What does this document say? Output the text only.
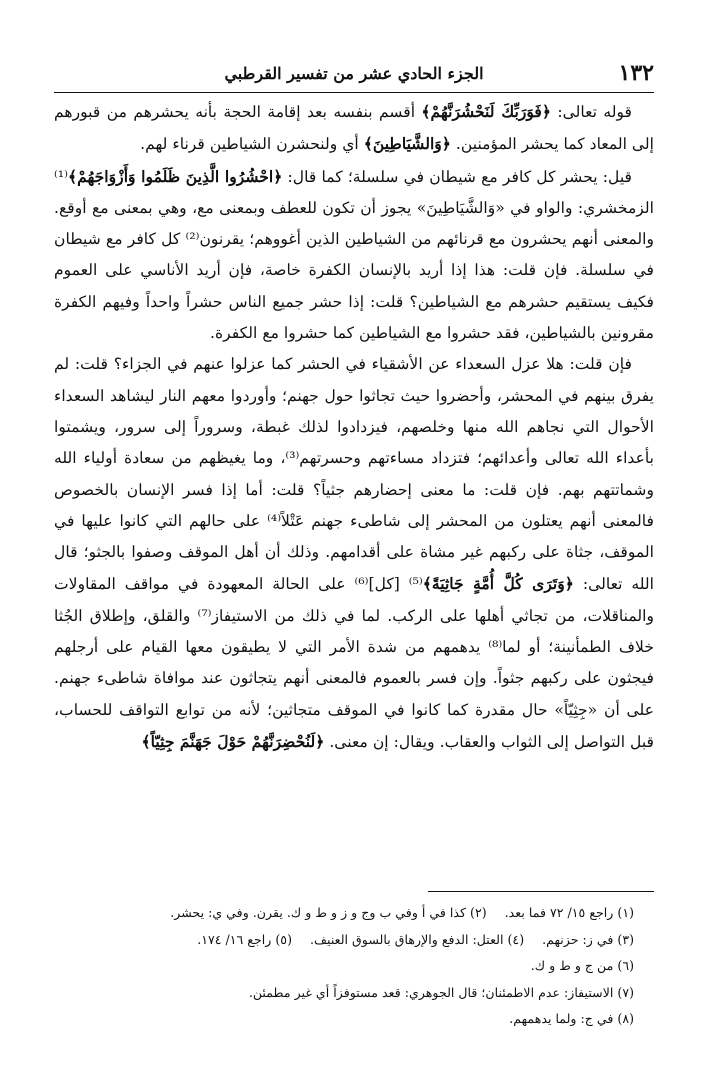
١٣٢
الجزء الحادي عشر من تفسير القرطبي

قوله تعالى: ﴿فَوَرَبِّكَ لَنَحْشُرَنَّهُمْ﴾ أقسم بنفسه بعد إقامة الحجة بأنه يحشرهم من قبورهم إلى المعاد كما يحشر المؤمنين. ﴿وَالشَّيَاطِينَ﴾ أي ولنحشرن الشياطين قرناء لهم.

قيل: يحشر كل كافر مع شيطان في سلسلة؛ كما قال: ﴿احْشُرُوا الَّذِينَ ظَلَمُوا وَأَزْوَاجَهُمْ﴾⁽¹⁾ الزمخشري: والواو في «وَالشَّيَاطِينَ» يجوز أن تكون للعطف وبمعنى مع، وهي بمعنى مع أوقع. والمعنى أنهم يحشرون مع قرنائهم من الشياطين الذين أغووهم؛ يقرنون⁽²⁾ كل كافر مع شيطان في سلسلة. فإن قلت: هذا إذا أريد بالإنسان الكفرة خاصة، فإن أريد الأناسي على العموم فكيف يستقيم حشرهم مع الشياطين؟ قلت: إذا حشر جميع الناس حشراً واحداً وفيهم الكفرة مقرونين بالشياطين، فقد حشروا مع الشياطين كما حشروا مع الكفرة.

فإن قلت: هلا عزل السعداء عن الأشقياء في الحشر كما عزلوا عنهم في الجزاء؟ قلت: لم يفرق بينهم في المحشر، وأحضروا حيث تجاثوا حول جهنم؛ وأوردوا معهم النار ليشاهد السعداء الأحوال التي نجاهم الله منها وخلصهم، فيزدادوا لذلك غبطة، وسروراً إلى سرور، ويشمتوا بأعداء الله تعالى وأعدائهم؛ فتزداد مساءتهم وحسرتهم⁽³⁾، وما يغيظهم من سعادة أولياء الله وشماتتهم بهم. فإن قلت: ما معنى إحضارهم جثياً؟ قلت: أما إذا فسر الإنسان بالخصوص فالمعنى أنهم يعتلون من المحشر إلى شاطىء جهنم عَتْلاً⁽⁴⁾ على حالهم التي كانوا عليها في الموقف، جثاة على ركبهم غير مشاة على أقدامهم. وذلك أن أهل الموقف وصفوا بالجثو؛ قال الله تعالى: ﴿وَتَرَى كُلَّ أُمَّةٍ جَاثِيَةً﴾⁽⁵⁾ [كل]⁽⁶⁾ على الحالة المعهودة في مواقف المقاولات والمناقلات، من تجاثي أهلها على الركب. لما في ذلك من الاستيفاز⁽⁷⁾ والقلق، وإطلاق الجُثا خلاف الطمأنينة؛ أو لما⁽⁸⁾ يدهمهم من شدة الأمر التي لا يطيقون معها القيام على أرجلهم فيجثون على ركبهم جثواً. وإن فسر بالعموم فالمعنى أنهم يتجاثون عند موافاة شاطىء جهنم. على أن «جِثِيّاً» حال مقدرة كما كانوا في الموقف متجاثين؛ لأنه من توابع التواقف للحساب، قبل التواصل إلى الثواب والعقاب. ويقال: إن معنى. ﴿لَنُحْضِرَنَّهُمْ حَوْلَ جَهَنَّمَ جِثِيّاً﴾

(١) راجع ١٥/ ٧٢ فما بعد.(٢) كذا في أ وفي ب وج و ز و ط و ك. يقرن. وفي ي: يحشر.
(٣) في ز: حزنهم.(٤) العتل: الدفع والإرهاق بالسوق العنيف.(٥) راجع ١٦/ ١٧٤.
(٦) من ج و ط و ك.
(٧) الاستيفاز: عدم الاطمئنان؛ قال الجوهري: قعد مستوفزاً أي غير مطمئن.
(٨) في ج: ولما يدهمهم.
